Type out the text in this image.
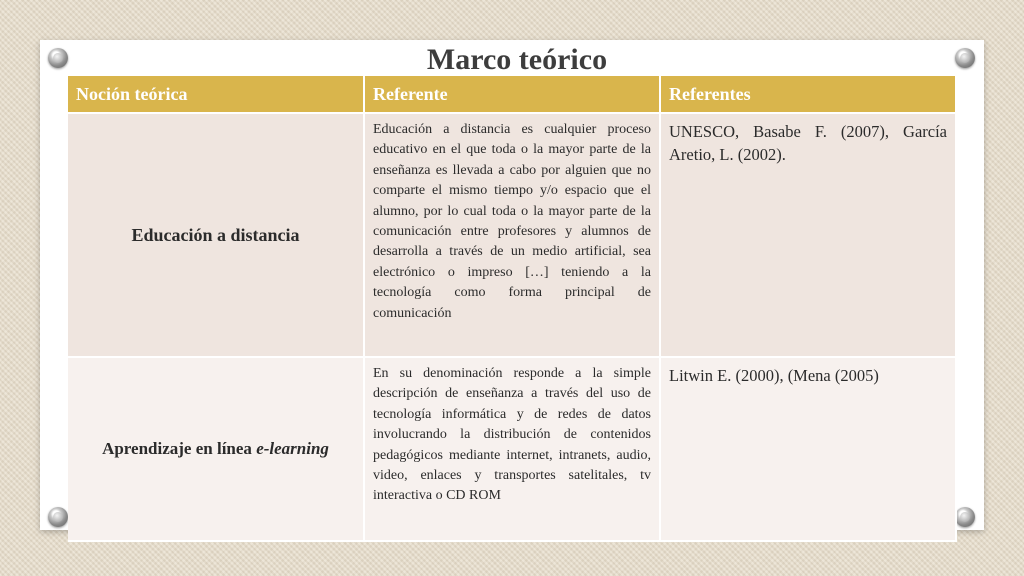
Marco teórico
Noción teórica	Referente	Referentes
Educación a distancia	Educación a distancia es cualquier proceso educativo en el que toda o la mayor parte de la enseñanza es llevada a cabo por alguien que no comparte el mismo tiempo y/o espacio que el alumno, por lo cual toda o la mayor parte de la comunicación entre profesores y alumnos de desarrolla a través de un medio artificial, sea electrónico o impreso […] teniendo a la tecnología como forma principal de comunicación	UNESCO, Basabe F. (2007), García Aretio, L. (2002).
Aprendizaje en línea e-learning	En su denominación responde a la simple descripción de enseñanza a través del uso de tecnología informática y de redes de datos involucrando la distribución de contenidos pedagógicos mediante internet, intranets, audio, video, enlaces y transportes satelitales, tv interactiva o CD ROM	Litwin E. (2000), (Mena (2005)
